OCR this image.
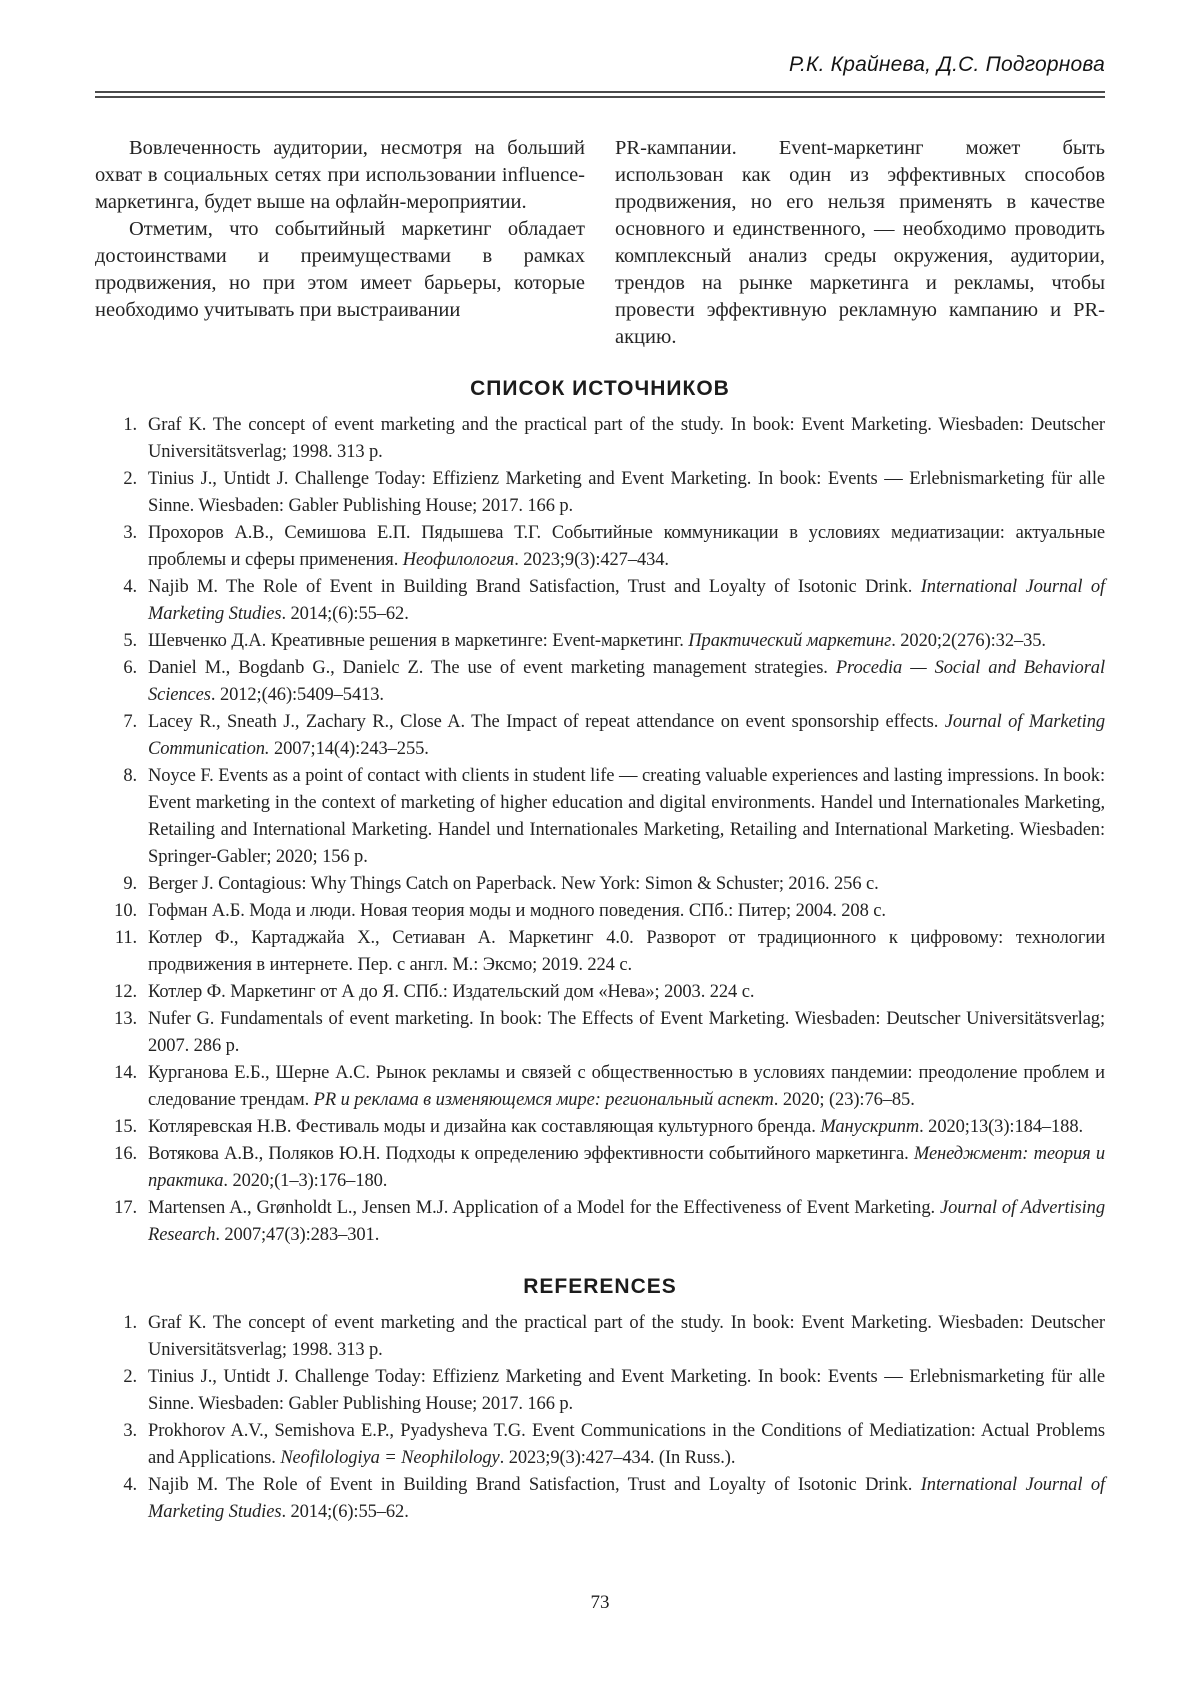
Р.К. Крайнева, Д.С. Подгорнова

Вовлеченность аудитории, несмотря на больший охват в социальных сетях при использовании influence-маркетинга, будет выше на офлайн-мероприятии.

Отметим, что событийный маркетинг обладает достоинствами и преимуществами в рамках продвижения, но при этом имеет барьеры, которые необходимо учитывать при выстраивании

PR-кампании. Event-маркетинг может быть использован как один из эффективных способов продвижения, но его нельзя применять в качестве основного и единственного, — необходимо проводить комплексный анализ среды окружения, аудитории, трендов на рынке маркетинга и рекламы, чтобы провести эффективную рекламную кампанию и PR-акцию.

СПИСОК ИСТОЧНИКОВ
1. Graf K. The concept of event marketing and the practical part of the study. In book: Event Marketing. Wiesbaden: Deutscher Universitätsverlag; 1998. 313 p.
2. Tinius J., Untidt J. Challenge Today: Effizienz Marketing and Event Marketing. In book: Events — Erlebnismarketing für alle Sinne. Wiesbaden: Gabler Publishing House; 2017. 166 p.
3. Прохоров А.В., Семишова Е.П. Пядышева Т.Г. Событийные коммуникации в условиях медиатизации: актуальные проблемы и сферы применения. Неофилология. 2023;9(3):427–434.
4. Najib M. The Role of Event in Building Brand Satisfaction, Trust and Loyalty of Isotonic Drink. International Journal of Marketing Studies. 2014;(6):55–62.
5. Шевченко Д.А. Креативные решения в маркетинге: Event-маркетинг. Практический маркетинг. 2020;2(276):32–35.
6. Daniel M., Bogdanb G., Danielc Z. The use of event marketing management strategies. Procedia — Social and Behavioral Sciences. 2012;(46):5409–5413.
7. Lacey R., Sneath J., Zachary R., Close A. The Impact of repeat attendance on event sponsorship effects. Journal of Marketing Communication. 2007;14(4):243–255.
8. Noyce F. Events as a point of contact with clients in student life — creating valuable experiences and lasting impressions. In book: Event marketing in the context of marketing of higher education and digital environments. Handel und Internationales Marketing, Retailing and International Marketing. Handel und Internationales Marketing, Retailing and International Marketing. Wiesbaden: Springer-Gabler; 2020; 156 p.
9. Berger J. Contagious: Why Things Catch on Paperback. New York: Simon & Schuster; 2016. 256 с.
10. Гофман А.Б. Мода и люди. Новая теория моды и модного поведения. СПб.: Питер; 2004. 208 с.
11. Котлер Ф., Картаджайа Х., Сетиаван А. Маркетинг 4.0. Разворот от традиционного к цифровому: технологии продвижения в интернете. Пер. с англ. М.: Эксмо; 2019. 224 с.
12. Котлер Ф. Маркетинг от А до Я. СПб.: Издательский дом «Нева»; 2003. 224 с.
13. Nufer G. Fundamentals of event marketing. In book: The Effects of Event Marketing. Wiesbaden: Deutscher Universitätsverlag; 2007. 286 p.
14. Курганова Е.Б., Шерне А.С. Рынок рекламы и связей с общественностью в условиях пандемии: преодоление проблем и следование трендам. PR и реклама в изменяющемся мире: региональный аспект. 2020; (23):76–85.
15. Котляревская Н.В. Фестиваль моды и дизайна как составляющая культурного бренда. Манускрипт. 2020;13(3):184–188.
16. Вотякова А.В., Поляков Ю.Н. Подходы к определению эффективности событийного маркетинга. Менеджмент: теория и практика. 2020;(1–3):176–180.
17. Martensen A., Grønholdt L., Jensen M.J. Application of a Model for the Effectiveness of Event Marketing. Journal of Advertising Research. 2007;47(3):283–301.
REFERENCES
1. Graf K. The concept of event marketing and the practical part of the study. In book: Event Marketing. Wiesbaden: Deutscher Universitätsverlag; 1998. 313 p.
2. Tinius J., Untidt J. Challenge Today: Effizienz Marketing and Event Marketing. In book: Events — Erlebnismarketing für alle Sinne. Wiesbaden: Gabler Publishing House; 2017. 166 p.
3. Prokhorov A.V., Semishova E.P., Pyadysheva T.G. Event Communications in the Conditions of Mediatization: Actual Problems and Applications. Neofilologiya = Neophilology. 2023;9(3):427–434. (In Russ.).
4. Najib M. The Role of Event in Building Brand Satisfaction, Trust and Loyalty of Isotonic Drink. International Journal of Marketing Studies. 2014;(6):55–62.
73
